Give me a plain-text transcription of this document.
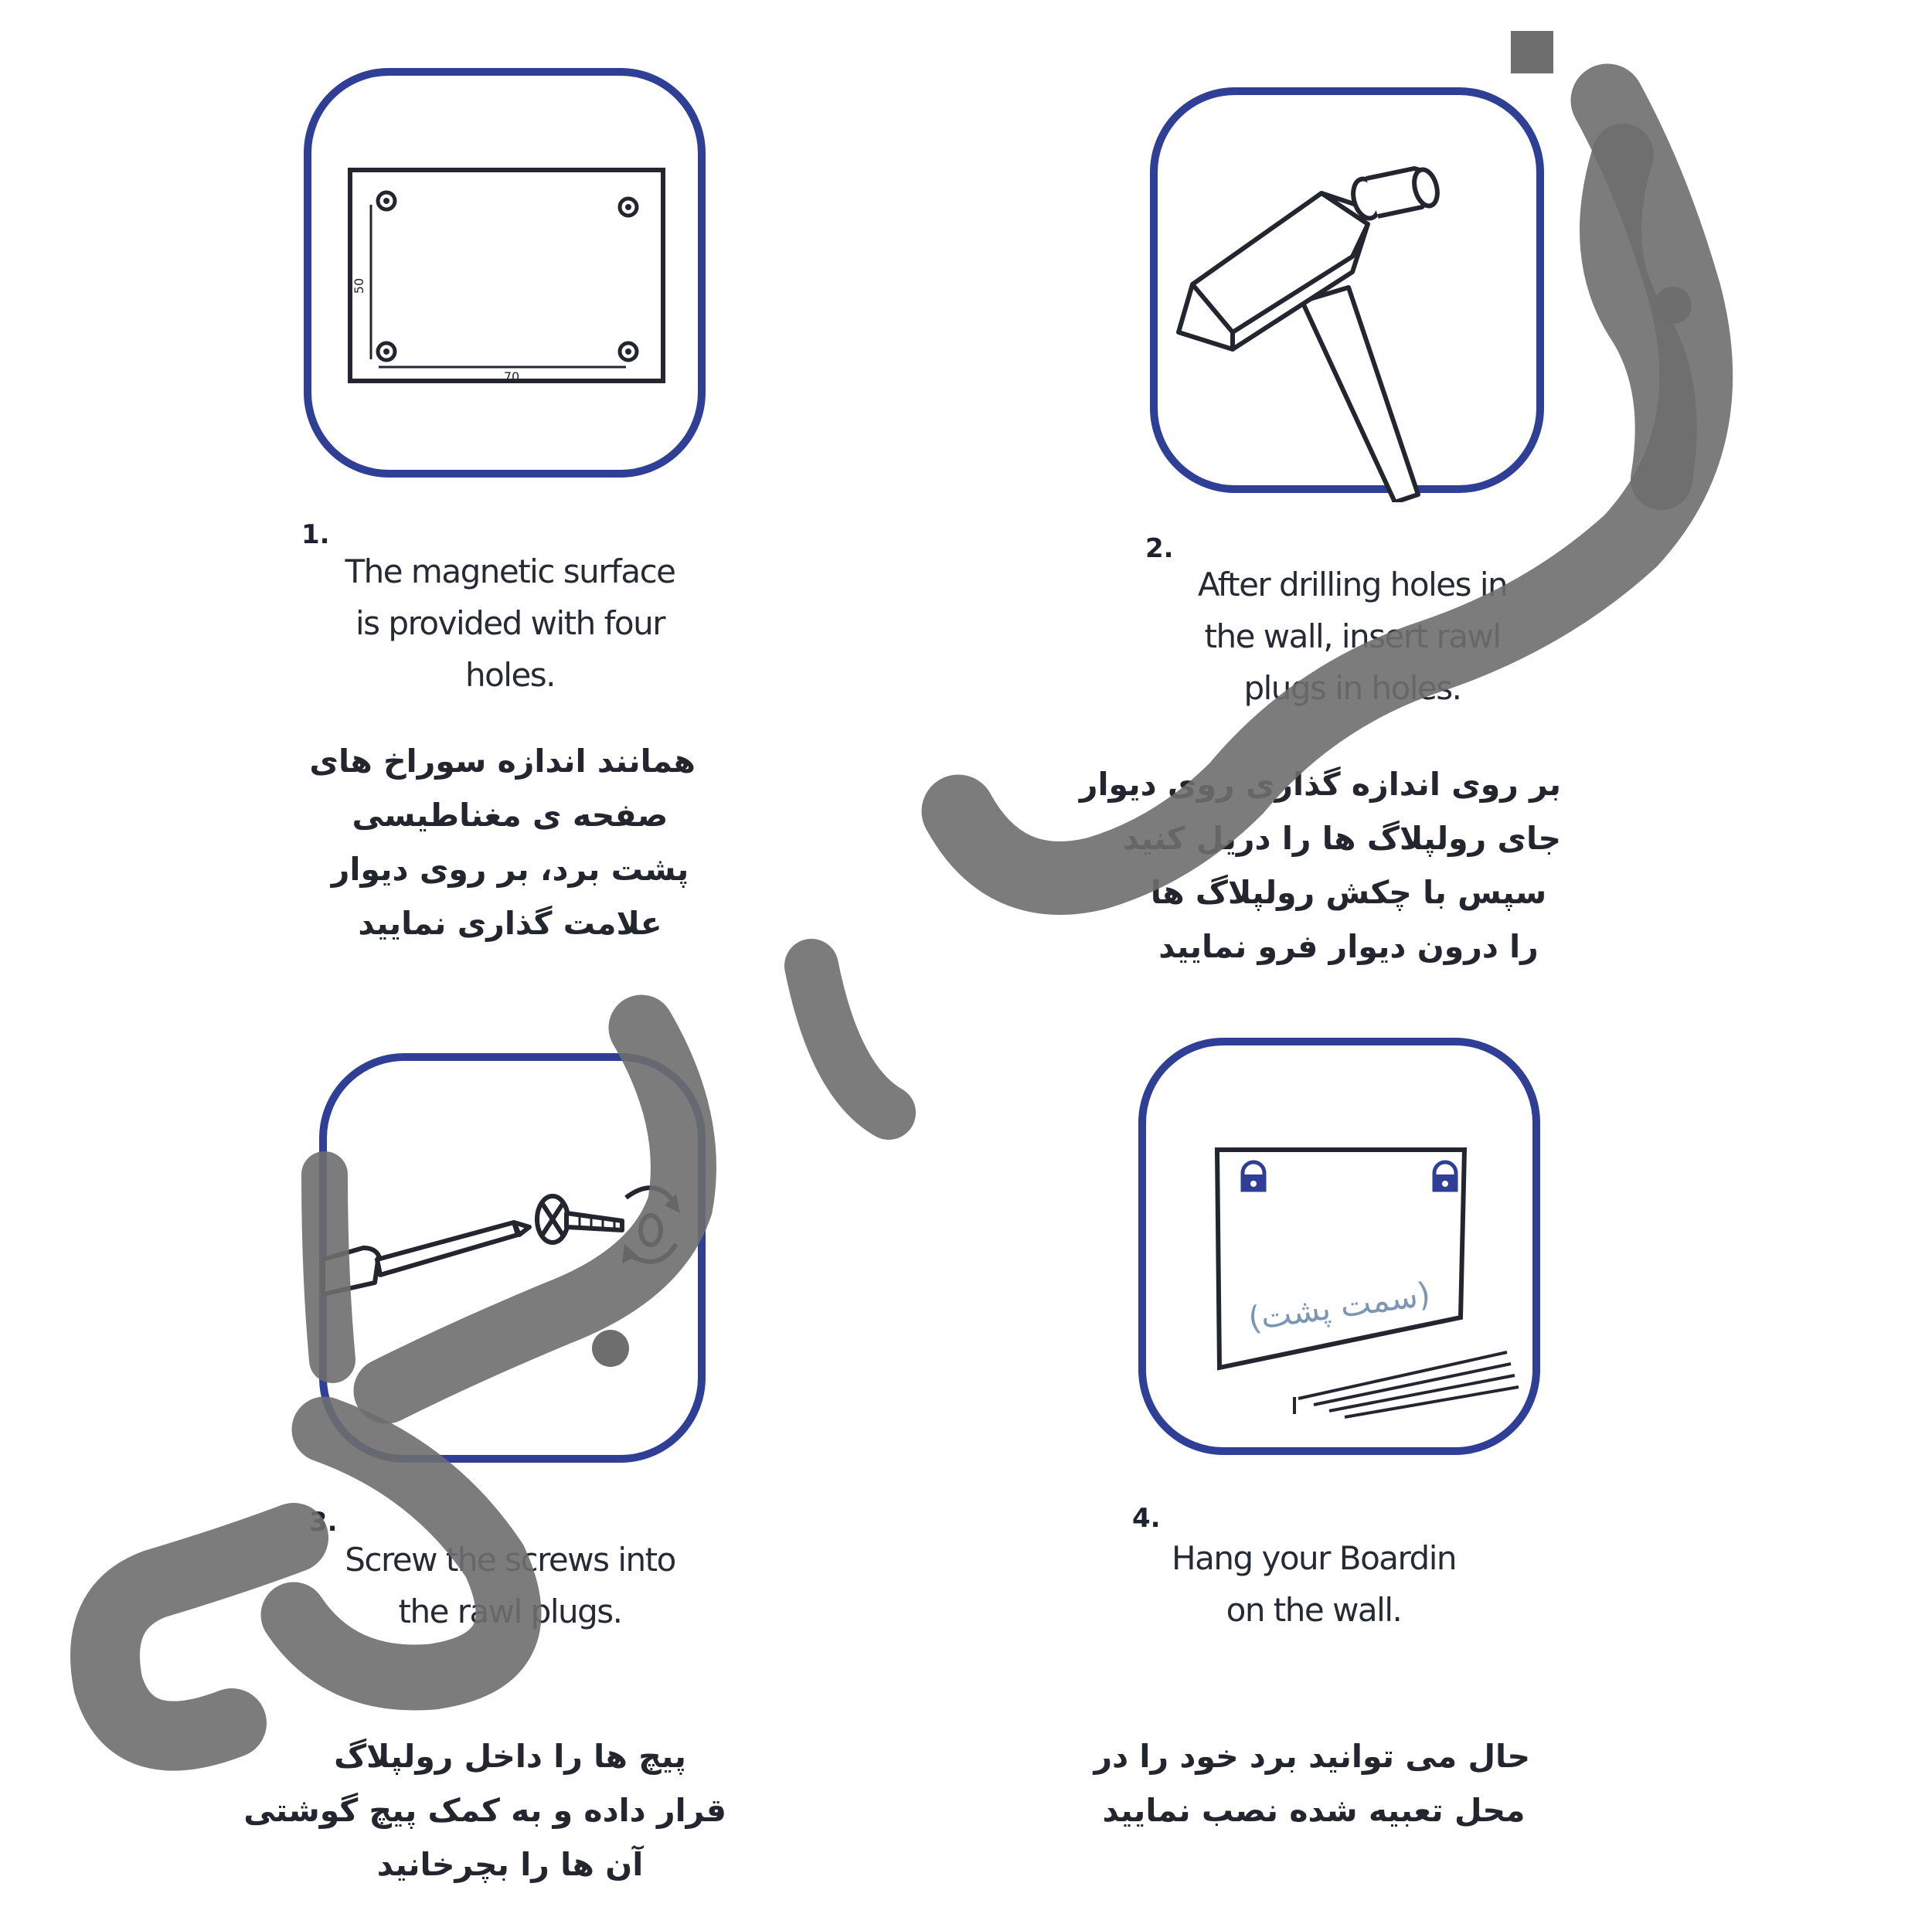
50
70
1.
The magnetic surface
is provided with four
holes.
همانند اندازه سوراخ های
صفحه ی مغناطیسی
پشت برد، بر روی دیوار
علامت گذاری نمایید
2.
After drilling holes in
the wall, insert rawl
plugs in holes.
بر روی اندازه گذاری روی دیوار
جای رولپلاگ ها را دریل کنید
سپس با چکش رولپلاگ ها
را درون دیوار فرو نمایید
3.
Screw the screws into
the rawl plugs.
پیچ ها را داخل رولپلاگ
قرار داده و به کمک پیچ گوشتی
آن ها را بچرخانید
(سمت پشت)
4.
Hang your Boardin
on the wall.
حال می توانید برد خود را در
محل تعبیه شده نصب نمایید
